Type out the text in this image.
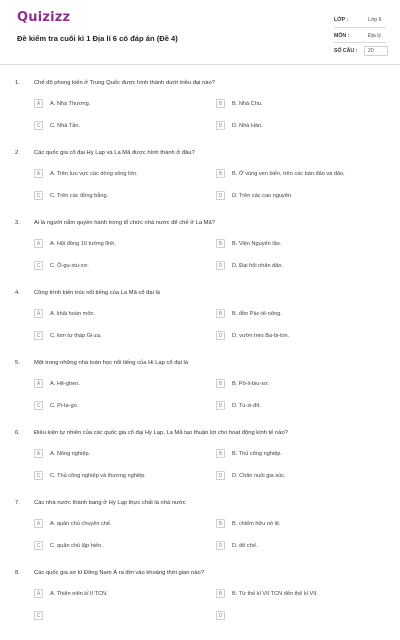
Quizizz
Đề kiểm tra cuối kì 1 Địa lí 6 có đáp án (Đề 4)
LỚP :	Lớp 6
MÔN :	Địa lý
SỐ CÂU : 20
1. Chế độ phong kiến ở Trung Quốc được hình thành dưới triều đại nào?
A	A. Nhà Thương.	B	B. Nhà Chu.
C	C. Nhà Tần.	D	D. Nhà Hán.
2. Các quốc gia cổ đại Hy Lạp và La Mã được hình thành ở đâu?
A	A. Trên lưu vực các dòng sông lớn.	B	B. Ở vùng ven biển, trên các bán đảo và đảo.
C	C. Trên các đồng bằng.	D	D. Trên các cao nguyên.
3. Ai là người nắm quyền hành trong tổ chức nhà nước để chế ở La Mã?
A	A. Hội đồng 10 tướng lĩnh.	B	B. Viện Nguyên lão.
C	C. Ô-gu-xtu-xơ.	D	D. Đại hội nhân dân.
4. Công trình kiến trúc nổi tiếng của La Mã cổ đại là
A	A. khải hoàn môn.	B	B. đền Pác-tê-nông.
C	C. kim tự tháp Gi-za.	D	D. vườn treo Ba-bi-lon.
5. Một trong những nhà toán học nổi tiếng của Hi Lạp cổ đại là
A	A. Hê-ghen.	B	B. Pô-li-biu-xơ.
C	C. Pi-ta-go.	D	D. Tu-xi-đít.
6. Điều kiện tự nhiên của các quốc gia cổ đại Hy Lạp, La Mã tạo thuận lợi cho hoạt động kinh tế nào?
A	A. Nông nghiệp.	B	B. Thủ công nghiệp.
C	C. Thủ công nghiệp và thương nghiệp.	D	D. Chăn nuôi gia súc.
7. Các nhà nước thành bang ở Hy Lạp thực chất là nhà nước
A	A. quân chủ chuyên chế.	B	B. chiếm hữu nô lệ.
C	C. quân chủ lập hiến.	D	D. đế chế.
8. Các quốc gia sơ kì Đông Nam Á ra đời vào khoảng thời gian nào?
A	A. Thiên niên kỉ II TCN.	B	B. Từ thế kỉ VII TCN đến thế kỉ VII.
C	D
